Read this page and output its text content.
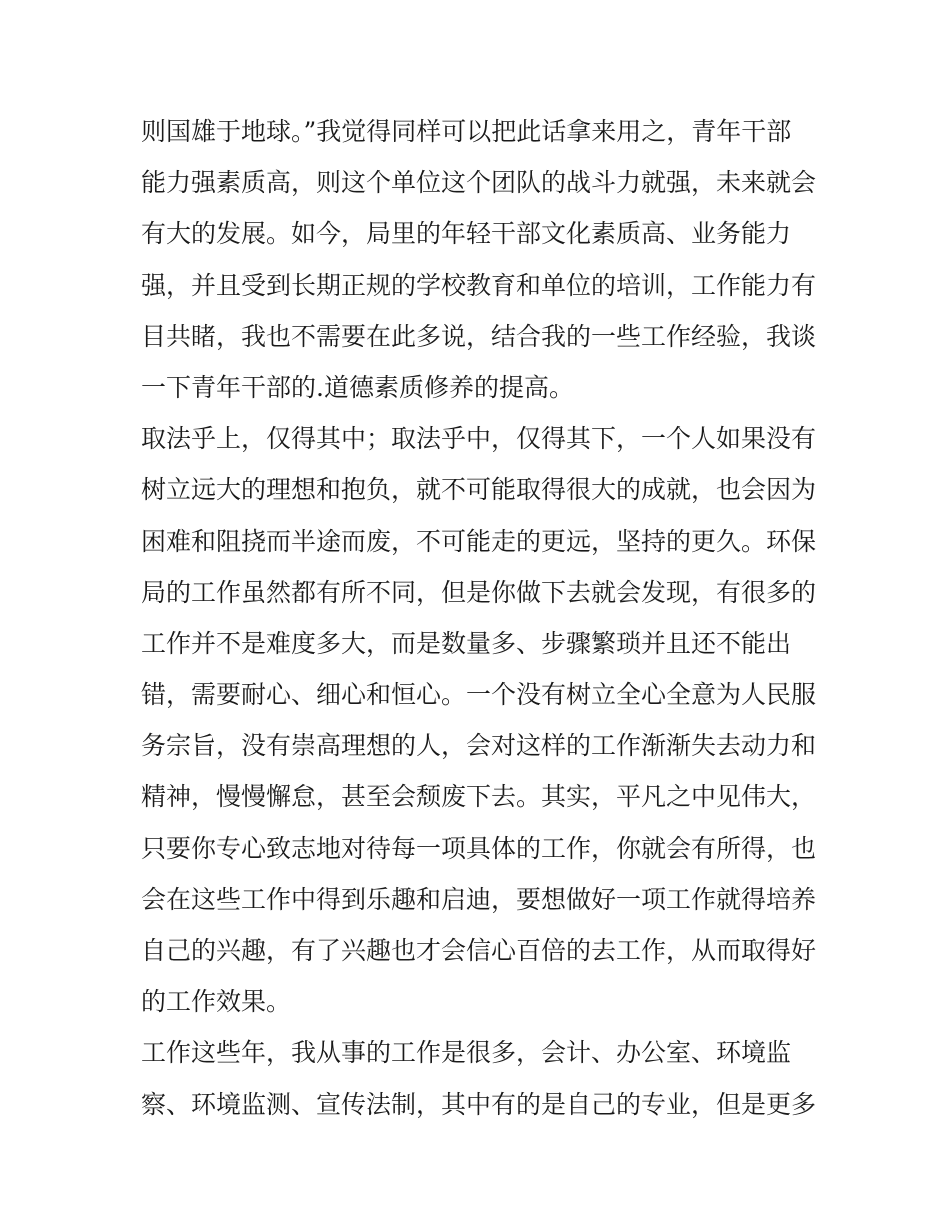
则国雄于地球。”我觉得同样可以把此话拿来用之，青年干部
能力强素质高，则这个单位这个团队的战斗力就强，未来就会
有大的发展。如今，局里的年轻干部文化素质高、业务能力
强，并且受到长期正规的学校教育和单位的培训，工作能力有
目共睹，我也不需要在此多说，结合我的一些工作经验，我谈
一下青年干部的.道德素质修养的提高。
取法乎上，仅得其中；取法乎中，仅得其下，一个人如果没有
树立远大的理想和抱负，就不可能取得很大的成就，也会因为
困难和阻挠而半途而废，不可能走的更远，坚持的更久。环保
局的工作虽然都有所不同，但是你做下去就会发现，有很多的
工作并不是难度多大，而是数量多、步骤繁琐并且还不能出
错，需要耐心、细心和恒心。一个没有树立全心全意为人民服
务宗旨，没有崇高理想的人，会对这样的工作渐渐失去动力和
精神，慢慢懈怠，甚至会颓废下去。其实，平凡之中见伟大，
只要你专心致志地对待每一项具体的工作，你就会有所得，也
会在这些工作中得到乐趣和启迪，要想做好一项工作就得培养
自己的兴趣，有了兴趣也才会信心百倍的去工作，从而取得好
的工作效果。
工作这些年，我从事的工作是很多，会计、办公室、环境监
察、环境监测、宣传法制，其中有的是自己的专业，但是更多
